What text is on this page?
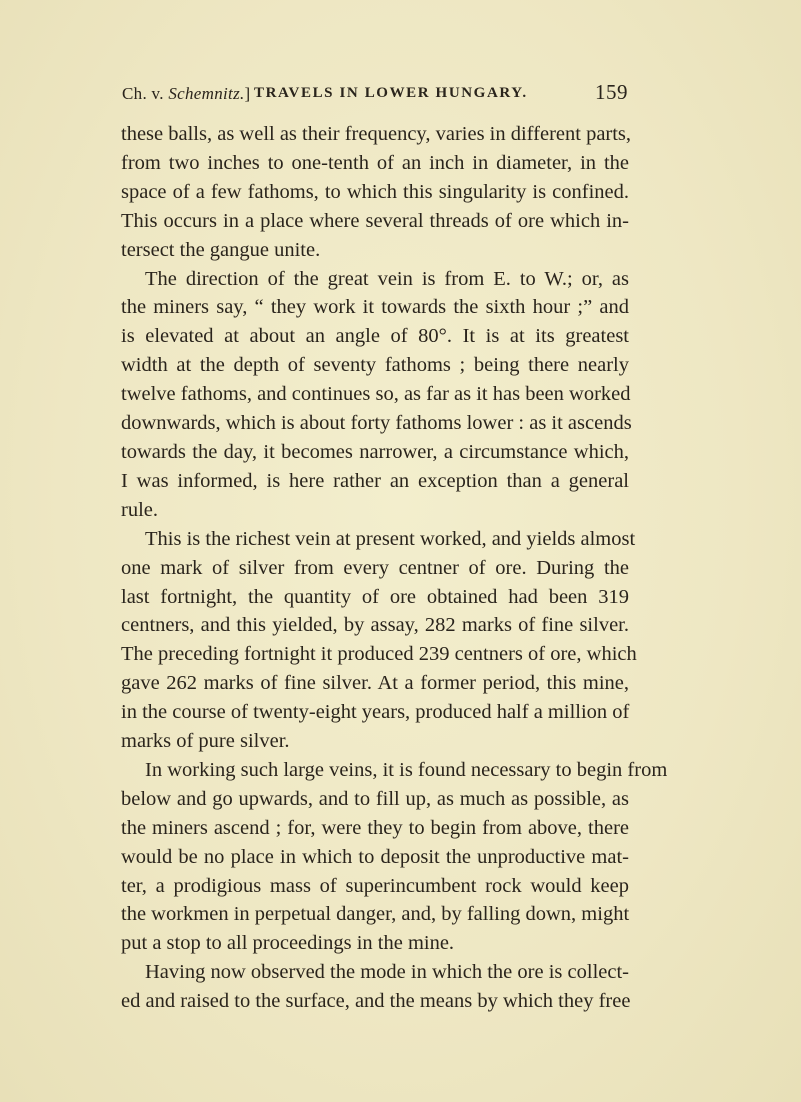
Ch. v. Schemnitz.] TRAVELS IN LOWER HUNGARY.	159
these balls, as well as their frequency, varies in different parts,
from two inches to one-tenth of an inch in diameter, in the
space of a few fathoms, to which this singularity is confined.
This occurs in a place where several threads of ore which in-
tersect the gangue unite.
The direction of the great vein is from E. to W.; or, as
the miners say, “ they work it towards the sixth hour ;” and
is elevated at about an angle of 80°. It is at its greatest
width at the depth of seventy fathoms ; being there nearly
twelve fathoms, and continues so, as far as it has been worked
downwards, which is about forty fathoms lower : as it ascends
towards the day, it becomes narrower, a circumstance which,
I was informed, is here rather an exception than a general
rule.
This is the richest vein at present worked, and yields almost
one mark of silver from every centner of ore. During the
last fortnight, the quantity of ore obtained had been 319
centners, and this yielded, by assay, 282 marks of fine silver.
The preceding fortnight it produced 239 centners of ore, which
gave 262 marks of fine silver. At a former period, this mine,
in the course of twenty-eight years, produced half a million of
marks of pure silver.
In working such large veins, it is found necessary to begin from
below and go upwards, and to fill up, as much as possible, as
the miners ascend ; for, were they to begin from above, there
would be no place in which to deposit the unproductive mat-
ter, a prodigious mass of superincumbent rock would keep
the workmen in perpetual danger, and, by falling down, might
put a stop to all proceedings in the mine.
Having now observed the mode in which the ore is collect-
ed and raised to the surface, and the means by which they free
